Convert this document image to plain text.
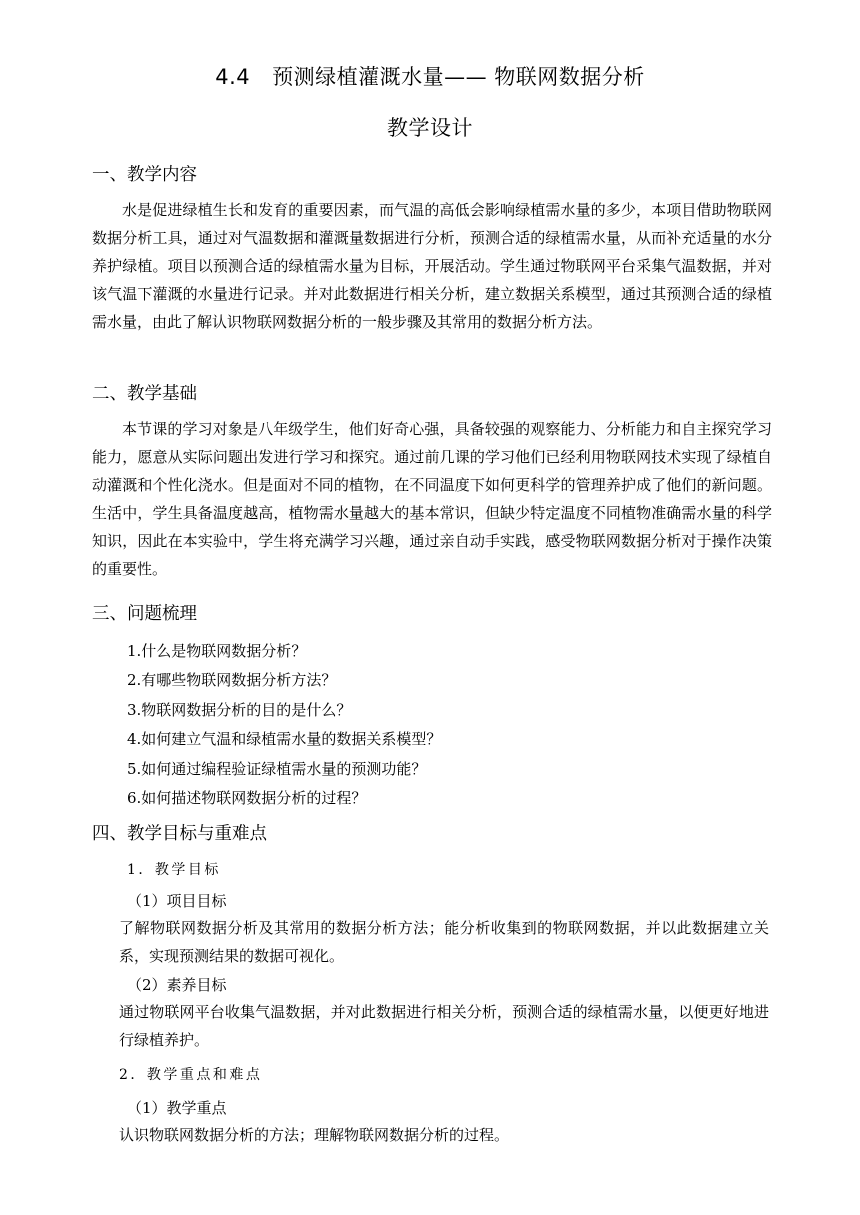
4.4 预测绿植灌溉水量—— 物联网数据分析
教学设计
一、教学内容

水是促进绿植生长和发育的重要因素，而气温的高低会影响绿植需水量的多少，本项目借助物联网数据分析工具，通过对气温数据和灌溉量数据进行分析，预测合适的绿植需水量，从而补充适量的水分养护绿植。项目以预测合适的绿植需水量为目标，开展活动。学生通过物联网平台采集气温数据，并对该气温下灌溉的水量进行记录。并对此数据进行相关分析，建立数据关系模型，通过其预测合适的绿植需水量，由此了解认识物联网数据分析的一般步骤及其常用的数据分析方法。

二、教学基础

本节课的学习对象是八年级学生，他们好奇心强，具备较强的观察能力、分析能力和自主探究学习能力，愿意从实际问题出发进行学习和探究。通过前几课的学习他们已经利用物联网技术实现了绿植自动灌溉和个性化浇水。但是面对不同的植物，在不同温度下如何更科学的管理养护成了他们的新问题。生活中，学生具备温度越高，植物需水量越大的基本常识，但缺少特定温度不同植物准确需水量的科学知识，因此在本实验中，学生将充满学习兴趣，通过亲自动手实践，感受物联网数据分析对于操作决策的重要性。

三、问题梳理
1.什么是物联网数据分析？
2.有哪些物联网数据分析方法？
3.物联网数据分析的目的是什么？
4.如何建立气温和绿植需水量的数据关系模型？
5.如何通过编程验证绿植需水量的预测功能？
6.如何描述物联网数据分析的过程？
四、教学目标与重难点
1．教学目标
（1）项目目标

了解物联网数据分析及其常用的数据分析方法；能分析收集到的物联网数据，并以此数据建立关系，实现预测结果的数据可视化。

（2）素养目标

通过物联网平台收集气温数据，并对此数据进行相关分析，预测合适的绿植需水量，以便更好地进行绿植养护。

2．教学重点和难点
（1）教学重点

认识物联网数据分析的方法；理解物联网数据分析的过程。
